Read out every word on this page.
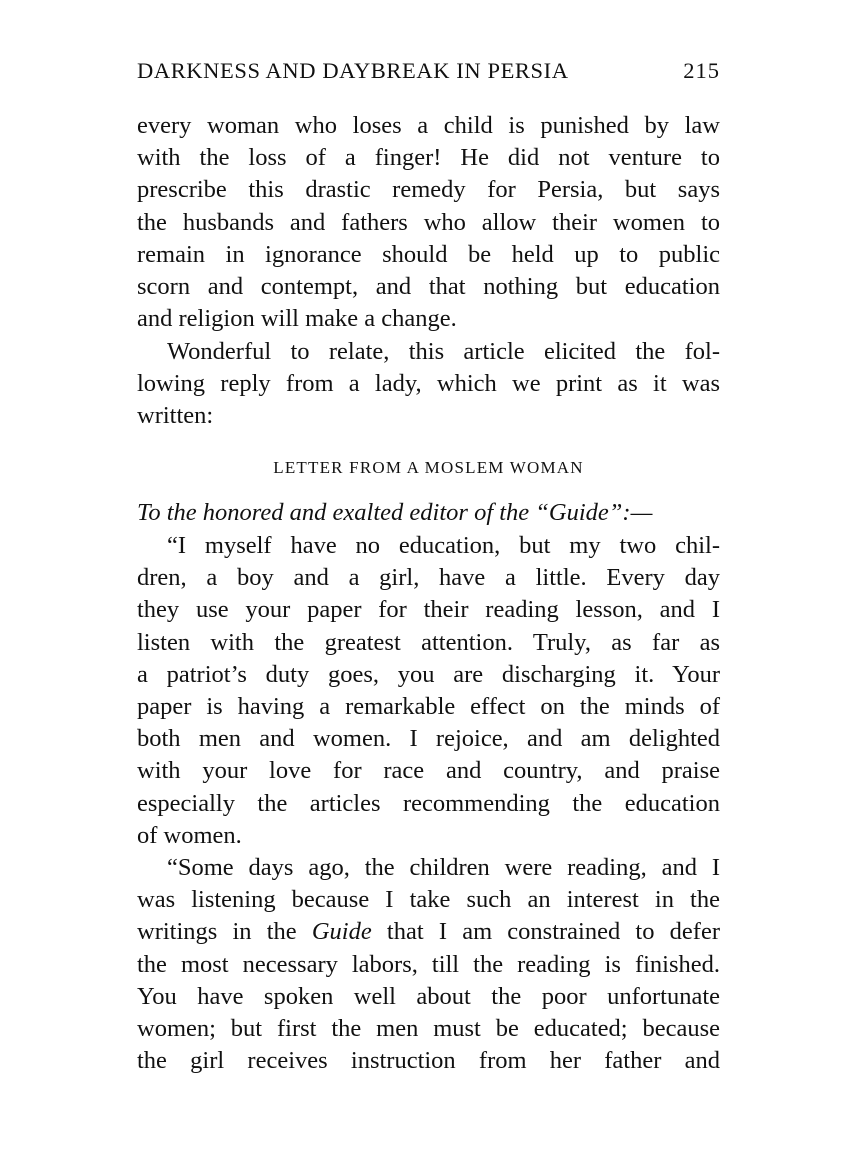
DARKNESS AND DAYBREAK IN PERSIA	215
every woman who loses a child is punished by law
with the loss of a finger! He did not venture to
prescribe this drastic remedy for Persia, but says
the husbands and fathers who allow their women to
remain in ignorance should be held up to public
scorn and contempt, and that nothing but education
and religion will make a change.
Wonderful to relate, this article elicited the fol-
lowing reply from a lady, which we print as it was
written:
LETTER FROM A MOSLEM WOMAN
To the honored and exalted editor of the “Guide”:—
“I myself have no education, but my two chil-
dren, a boy and a girl, have a little. Every day
they use your paper for their reading lesson, and I
listen with the greatest attention. Truly, as far as
a patriot’s duty goes, you are discharging it. Your
paper is having a remarkable effect on the minds of
both men and women. I rejoice, and am delighted
with your love for race and country, and praise
especially the articles recommending the education
of women.
“Some days ago, the children were reading, and I
was listening because I take such an interest in the
writings in the Guide that I am constrained to defer
the most necessary labors, till the reading is finished.
You have spoken well about the poor unfortunate
women; but first the men must be educated; because
the girl receives instruction from her father and
